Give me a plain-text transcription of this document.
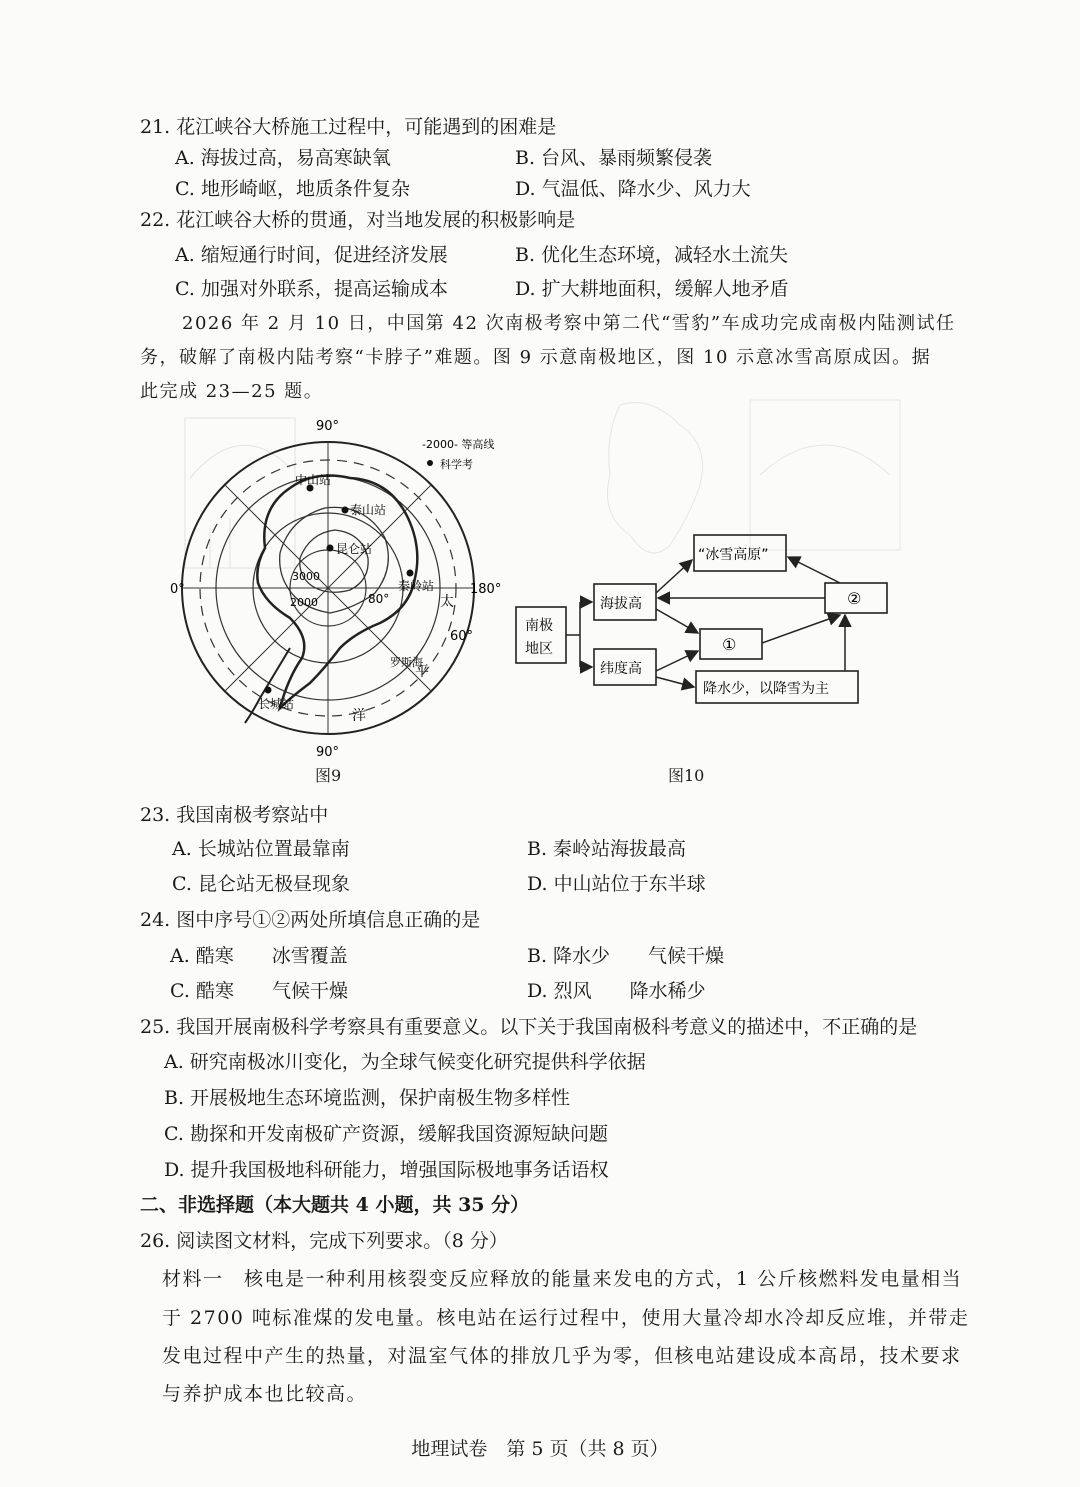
21. 花江峡谷大桥施工过程中，可能遇到的困难是
A. 海拔过高，易高寒缺氧	B. 台风、暴雨频繁侵袭
C. 地形崎岖，地质条件复杂	D. 气温低、降水少、风力大
22. 花江峡谷大桥的贯通，对当地发展的积极影响是
A. 缩短通行时间，促进经济发展	B. 优化生态环境，减轻水土流失
C. 加强对外联系，提高运输成本	D. 扩大耕地面积，缓解人地矛盾
2026 年 2 月 10 日，中国第 42 次南极考察中第二代“雪豹”车成功完成南极内陆测试任
务，破解了南极内陆考察“卡脖子”难题。图 9 示意南极地区，图 10 示意冰雪高原成因。据
此完成 23—25 题。
90°
90°
0°	180°
60°
80°
3000
2000
中山站
泰山站
昆仑站
秦岭站
长城站
太
平
洋
罗斯海
-2000- 等高线
科学考
图9
南极
地区
海拔高
纬度高
“冰雪高原”
①
②
降水少，以降雪为主
图10
23. 我国南极考察站中
A. 长城站位置最靠南	B. 秦岭站海拔最高
C. 昆仑站无极昼现象	D. 中山站位于东半球
24. 图中序号①②两处所填信息正确的是
A. 酷寒　　冰雪覆盖	B. 降水少　　气候干燥
C. 酷寒　　气候干燥	D. 烈风　　降水稀少
25. 我国开展南极科学考察具有重要意义。以下关于我国南极科考意义的描述中，不正确的是
A. 研究南极冰川变化，为全球气候变化研究提供科学依据
B. 开展极地生态环境监测，保护南极生物多样性
C. 勘探和开发南极矿产资源，缓解我国资源短缺问题
D. 提升我国极地科研能力，增强国际极地事务话语权
二、非选择题（本大题共 4 小题，共 35 分）
26. 阅读图文材料，完成下列要求。（8 分）
材料一　核电是一种利用核裂变反应释放的能量来发电的方式，1 公斤核燃料发电量相当
于 2700 吨标准煤的发电量。核电站在运行过程中，使用大量冷却水冷却反应堆，并带走
发电过程中产生的热量，对温室气体的排放几乎为零，但核电站建设成本高昂，技术要求
与养护成本也比较高。
地理试卷　第 5 页（共 8 页）
